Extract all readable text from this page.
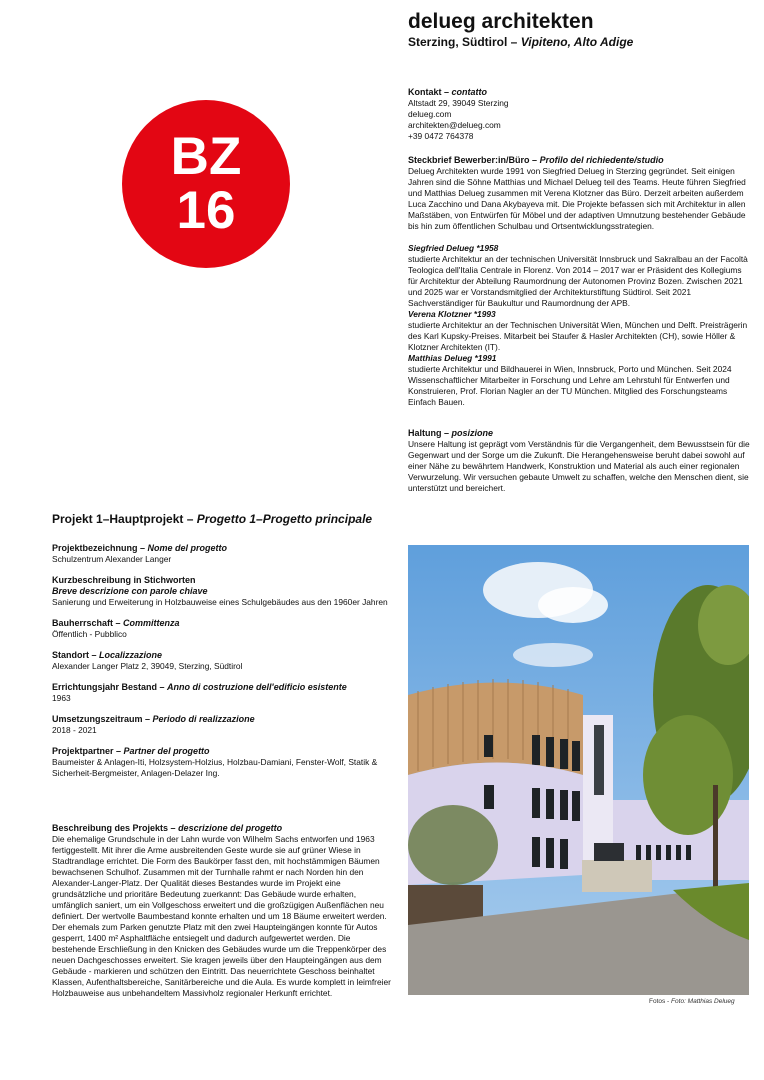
BZ
16
delueg architekten
Sterzing, Südtirol – Vipiteno, Alto Adige
Kontakt – contatto

Altstadt 29, 39049 Sterzing

delueg.com

architekten@delueg.com

+39 0472 764378

Steckbrief Bewerber:in/Büro – Profilo del richiedente/studio

Delueg Architekten wurde 1991 von Siegfried Delueg in Sterzing gegründet. Seit einigen Jahren sind die Söhne Matthias und Michael Delueg teil des Teams. Heute führen Siegfried und Matthias Delueg zusammen mit Verena Klotzner das Büro. Derzeit arbeiten außerdem Luca Zacchino und Dana Akybayeva mit. Die Projekte befassen sich mit Architektur in allen Maßstäben, von Entwürfen für Möbel und der adaptiven Umnutzung bestehender Gebäude bis hin zum öffentlichen Schulbau und Ortsentwicklungsstrategien.

Siegfried Delueg *1958

studierte Architektur an der technischen Universität Innsbruck und Sakralbau an der Facoltà Teologica dell'Italia Centrale in Florenz. Von 2014 – 2017 war er Präsident des Kollegiums für Architektur der Abteilung Raumordnung der Autonomen Provinz Bozen. Zwischen 2021 und 2025 war er Vorstandsmitglied der Architekturstiftung Südtirol. Seit 2021 Sachverständiger für Baukultur und Raumordnung der APB.

Verena Klotzner *1993

studierte Architektur an der Technischen Universität Wien, München und Delft. Preisträgerin des Karl Kupsky-Preises. Mitarbeit bei Staufer & Hasler Architekten (CH), sowie Höller & Klotzner Architekten (IT).

Matthias Delueg *1991

studierte Architektur und Bildhauerei in Wien, Innsbruck, Porto und München. Seit 2024 Wissenschaftlicher Mitarbeiter in Forschung und Lehre am Lehrstuhl für Entwerfen und Konstruieren, Prof. Florian Nagler an der TU München. Mitglied des Forschungsteams Einfach Bauen.

Haltung – posizione

Unsere Haltung ist geprägt vom Verständnis für die Vergangenheit, dem Bewusstsein für die Gegenwart und der Sorge um die Zukunft. Die Herangehensweise beruht dabei sowohl auf einer Nähe zu bewährtem Handwerk, Konstruktion und Material als auch einer regionalen Verwurzelung. Wir versuchen gebaute Umwelt zu schaffen, welche den Menschen dient, sie unterstützt und bereichert.

Projekt 1–Hauptprojekt – Progetto 1–Progetto principale
Projektbezeichnung – Nome del progetto

Schulzentrum Alexander Langer

Kurzbeschreibung in Stichworten
Breve descrizione con parole chiave

Sanierung und Erweiterung in Holzbauweise eines Schulgebäudes aus den 1960er Jahren

Bauherrschaft – Committenza

Öffentlich - Pubblico

Standort – Localizzazione

Alexander Langer Platz 2, 39049, Sterzing, Südtirol

Errichtungsjahr Bestand – Anno di costruzione dell'edificio esistente

1963

Umsetzungszeitraum – Periodo di realizzazione

2018 - 2021

Projektpartner – Partner del progetto

Baumeister & Anlagen-Iti, Holzsystem-Holzius, Holzbau-Damiani, Fenster-Wolf, Statik & Sicherheit-Bergmeister, Anlagen-Delazer Ing.

Beschreibung des Projekts – descrizione del progetto

Die ehemalige Grundschule in der Lahn wurde von Wilhelm Sachs entworfen und 1963 fertiggestellt. Mit ihrer die Arme ausbreitenden Geste wurde sie auf grüner Wiese in Stadtrandlage errichtet. Die Form des Baukörper fasst den, mit hochstämmigen Bäumen bewachsenen Schulhof. Zusammen mit der Turnhalle rahmt er nach Norden hin den Alexander-Langer-Platz. Der Qualität dieses Bestandes wurde im Projekt eine grundsätzliche und prioritäre Bedeutung zuerkannt: Das Gebäude wurde erhalten, umfänglich saniert, um ein Vollgeschoss erweitert und die großzügigen Außenflächen neu definiert. Der wertvolle Baumbestand konnte erhalten und um 18 Bäume erweitert werden. Der ehemals zum Parken genutzte Platz mit den zwei Haupteingängen konnte für Autos gesperrt, 1400 m² Asphaltfläche entsiegelt und dadurch aufgewertet werden. Die bestehende Erschließung in den Knicken des Gebäudes wurde um die Treppenkörper des neuen Dachgeschosses erweitert. Sie kragen jeweils über den Haupteingängen aus dem Gebäude - markieren und schützen den Eintritt. Das neuerrichtete Geschoss beinhaltet Klassen, Aufenthaltsbereiche, Sanitärbereiche und die Aula. Es wurde komplett in leimfreier Holzbauweise aus unbehandeltem Massivholz regionaler Herkunft errichtet.

Fotos - Foto: Matthias Delueg
